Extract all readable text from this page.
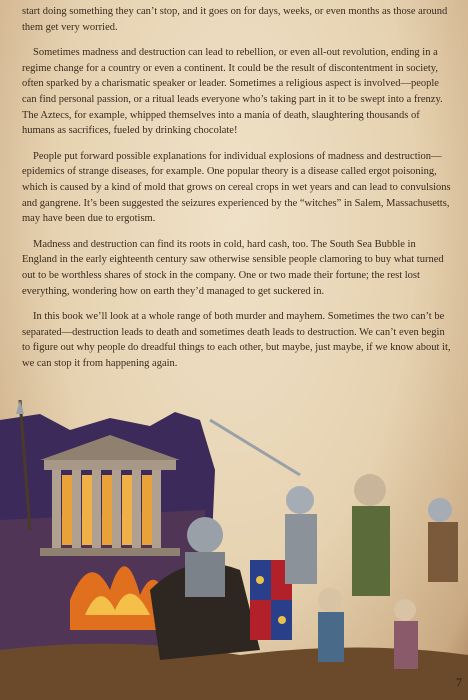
start doing something they can’t stop, and it goes on for days, weeks, or even months as those around them get very worried.

Sometimes madness and destruction can lead to rebellion, or even all-out revolution, ending in a regime change for a country or even a continent. It could be the result of discontentment in society, often sparked by a charismatic speaker or leader. Sometimes a religious aspect is involved—people can find personal passion, or a ritual leads everyone who’s taking part in it to be swept into a frenzy. The Aztecs, for example, whipped themselves into a mania of death, slaughtering thousands of humans as sacrifices, fueled by drinking chocolate!

People put forward possible explanations for individual explosions of madness and destruction—epidemics of strange diseases, for example. One popular theory is a disease called ergot poisoning, which is caused by a kind of mold that grows on cereal crops in wet years and can lead to convulsions and gangrene. It’s been suggested the seizures experienced by the “witches” in Salem, Massachusetts, may have been due to ergotism.

Madness and destruction can find its roots in cold, hard cash, too. The South Sea Bubble in England in the early eighteenth century saw otherwise sensible people clamoring to buy what turned out to be worthless shares of stock in the company. One or two made their fortune; the rest lost everything, wondering how on earth they’d managed to get suckered in.

In this book we’ll look at a whole range of both murder and mayhem. Sometimes the two can’t be separated—destruction leads to death and sometimes death leads to destruction. We can’t even begin to figure out why people do dreadful things to each other, but maybe, just maybe, if we know about it, we can stop it from happening again.

7
